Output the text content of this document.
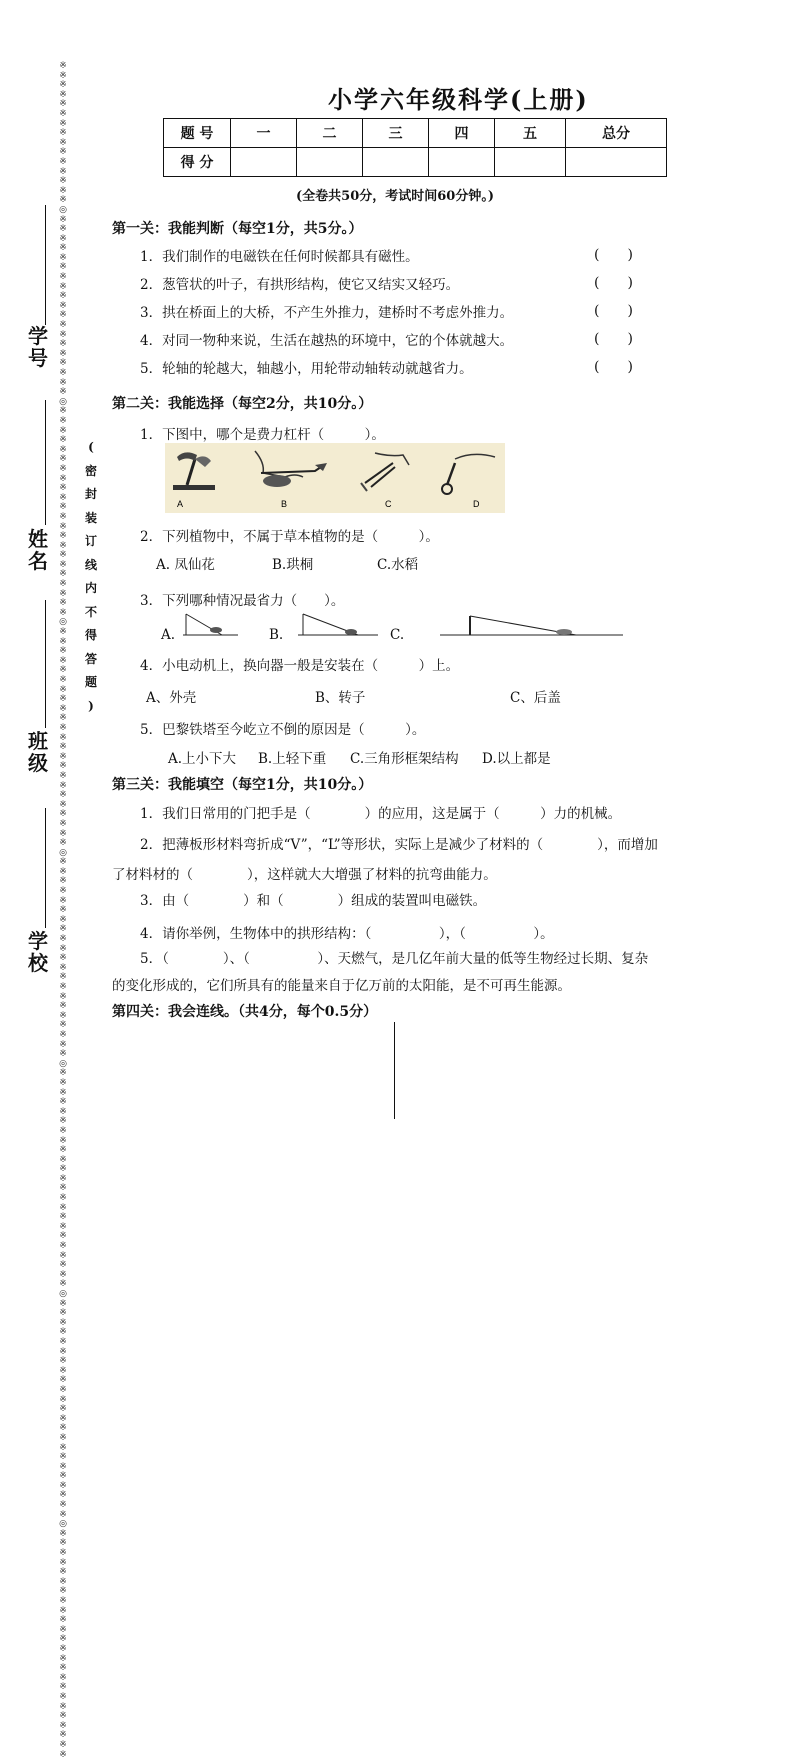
※※※※※※※※※※※※※※※◎※※※※※※※※※※※※※※※※※※※◎※※※※※※※※※※※※※※※※※※※※※※◎※※※※※※※※※※※※※※※※※※※※※※※◎※※※※※※※※※※※※※※※※※※※※※◎※※※※※※※※※※※※※※※※※※※※※※※◎※※※※※※※※※※※※※※※※※※※※※※※◎※※※※※※※※※※※※※※※※※※※※※※※※
学号
姓名
班级
学校
(
密
封
装
订
线
内
不
得
答
题
)
小学六年级科学(上册)
题 号	一	二	三	四	五	总分
得 分						
(全卷共50分，考试时间60分钟。)
第一关：我能判断（每空1分，共5分。）
1．我们制作的电磁铁在任何时候都具有磁性。	(　　)
2．葱管状的叶子，有拱形结构，使它又结实又轻巧。	(　　)
3．拱在桥面上的大桥，不产生外推力，建桥时不考虑外推力。	(　　)
4．对同一物种来说，生活在越热的环境中，它的个体就越大。	(　　)
5．轮轴的轮越大，轴越小，用轮带动轴转动就越省力。	(　　)
第二关：我能选择（每空2分，共10分。）
1．下图中，哪个是费力杠杆（　　　）。
A	B	C	D
2．下列植物中，不属于草本植物的是（　　　）。
A. 凤仙花	B.珙桐	C.水稻
3．下列哪种情况最省力（　　）。
A.	B.	C.
4．小电动机上，换向器一般是安装在（　　　）上。
A、外壳	B、转子	C、后盖
5．巴黎铁塔至今屹立不倒的原因是（　　　）。
A.上小下大 B.上轻下重 C.三角形框架结构 D.以上都是
第三关：我能填空（每空1分，共10分。）
1．我们日常用的门把手是（　　　　）的应用，这是属于（　　　）力的机械。
2．把薄板形材料弯折成“V”，“L”等形状，实际上是减少了材料的（　　　　），而增加
了材料材的（　　　　），这样就大大增强了材料的抗弯曲能力。
3．由（　　　　）和（　　　　）组成的装置叫电磁铁。
4．请你举例，生物体中的拱形结构：（　　　　　），（　　　　　）。
5．（　　　　）、（　　　　　）、天燃气，是几亿年前大量的低等生物经过长期、复杂
的变化形成的，它们所具有的能量来自于亿万前的太阳能，是不可再生能源。
第四关：我会连线。（共4分，每个0.5分）
